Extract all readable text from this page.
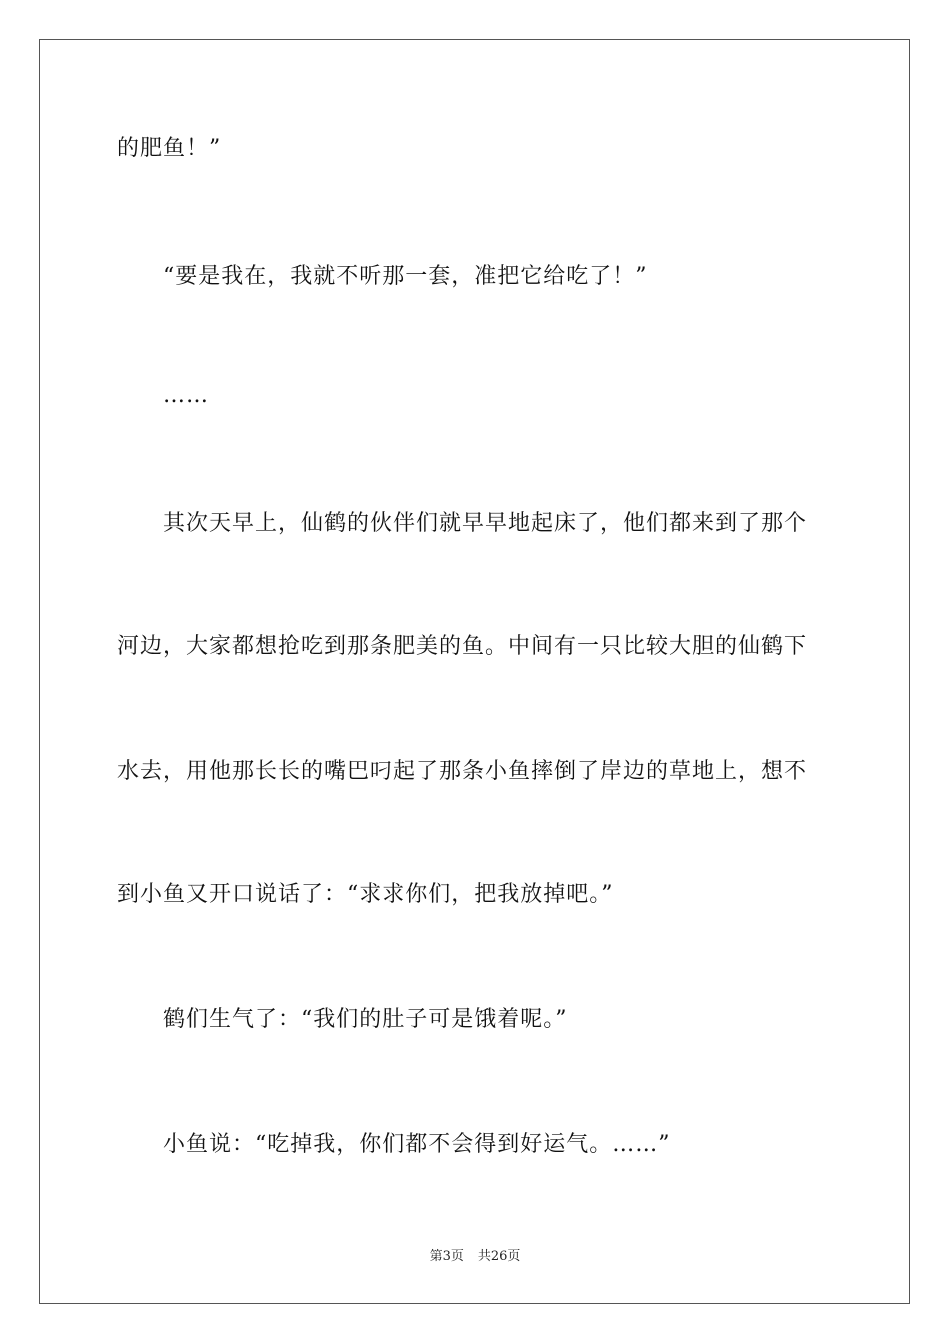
的肥鱼！”
“要是我在，我就不听那一套，准把它给吃了！”
……
其次天早上，仙鹤的伙伴们就早早地起床了，他们都来到了那个
河边，大家都想抢吃到那条肥美的鱼。中间有一只比较大胆的仙鹤下
水去，用他那长长的嘴巴叼起了那条小鱼摔倒了岸边的草地上，想不
到小鱼又开口说话了：“求求你们，把我放掉吧。”
鹤们生气了：“我们的肚子可是饿着呢。”
小鱼说：“吃掉我，你们都不会得到好运气。……”
第3页 共26页
